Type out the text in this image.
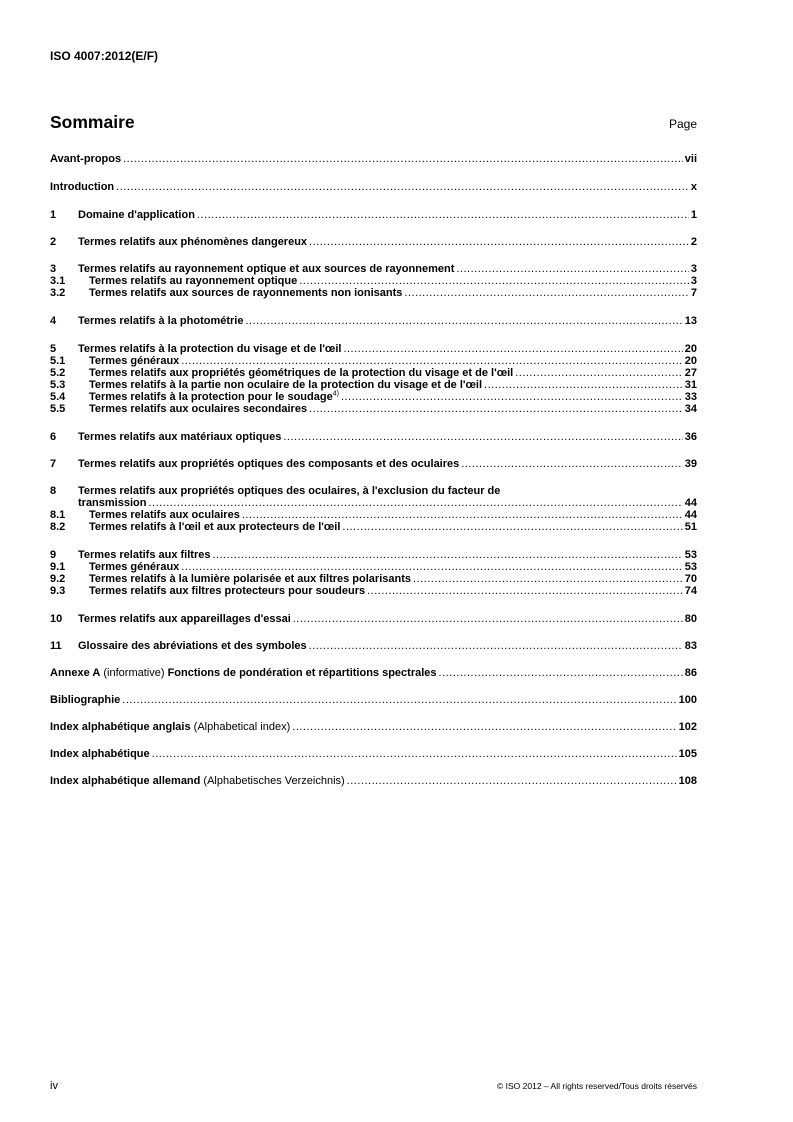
ISO 4007:2012(E/F)
Sommaire	Page
Avant-propos .....	vii
Introduction .....	x
1	Domaine d'application .....	1
2	Termes relatifs aux phénomènes dangereux .....	2
3	Termes relatifs au rayonnement optique et aux sources de rayonnement .....	3
3.1	Termes relatifs au rayonnement optique .....	3
3.2	Termes relatifs aux sources de rayonnements non ionisants .....	7
4	Termes relatifs à la photométrie .....	13
5	Termes relatifs à la protection du visage et de l'œil .....	20
5.1	Termes généraux .....	20
5.2	Termes relatifs aux propriétés géométriques de la protection du visage et de l'œil .....	27
5.3	Termes relatifs à la partie non oculaire de la protection du visage et de l'œil .....	31
5.4	Termes relatifs à la protection pour le soudage$^{4)}$ .....	33
5.5	Termes relatifs aux oculaires secondaires .....	34
6	Termes relatifs aux matériaux optiques .....	36
7	Termes relatifs aux propriétés optiques des composants et des oculaires .....	39
8	Termes relatifs aux propriétés optiques des oculaires, à l'exclusion du facteur de
transmission .....	44
8.1	Termes relatifs aux oculaires .....	44
8.2	Termes relatifs à l'œil et aux protecteurs de l'œil .....	51
9	Termes relatifs aux filtres .....	53
9.1	Termes généraux .....	53
9.2	Termes relatifs à la lumière polarisée et aux filtres polarisants .....	70
9.3	Termes relatifs aux filtres protecteurs pour soudeurs .....	74
10	Termes relatifs aux appareillages d'essai .....	80
11	Glossaire des abréviations et des symboles .....	83
Annexe A (informative) Fonctions de pondération et répartitions spectrales .....	86
Bibliographie .....	100
Index alphabétique anglais (Alphabetical index) .....	102
Index alphabétique .....	105
Index alphabétique allemand (Alphabetisches Verzeichnis) .....	108
iv	© ISO 2012 – All rights reserved/Tous droits réservés
